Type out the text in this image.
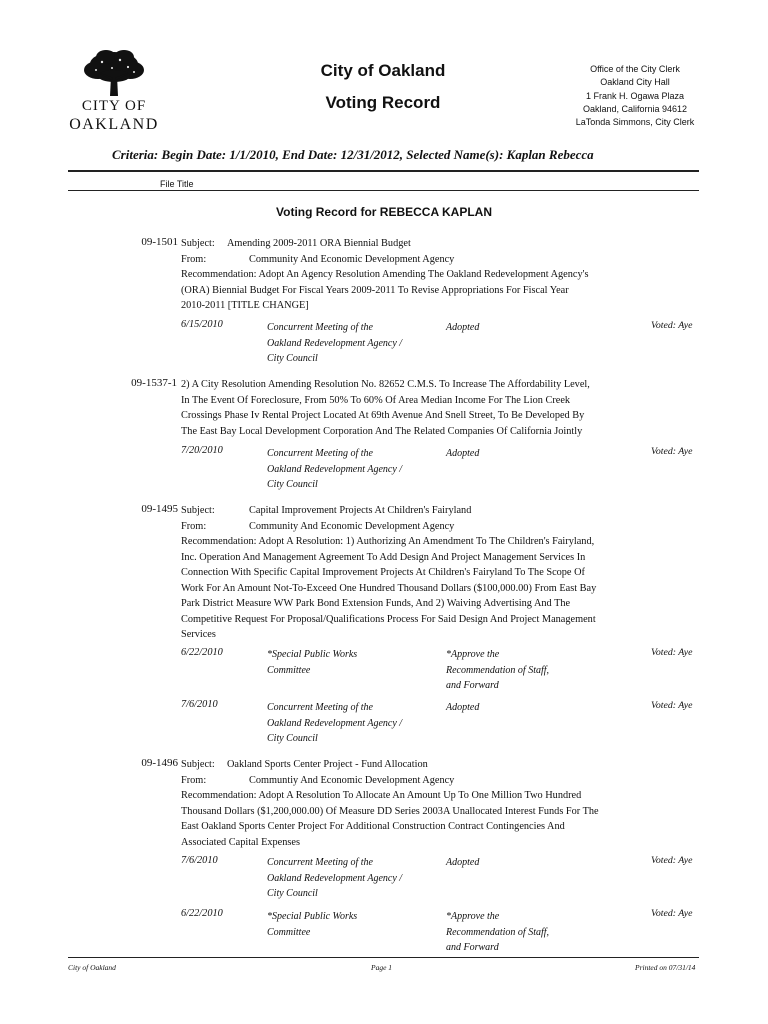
CITY OF
OAKLAND
City of Oakland
Voting Record
Office of the City Clerk
Oakland City Hall
1 Frank H. Ogawa Plaza
Oakland, California 94612
LaTonda Simmons, City Clerk
Criteria: Begin Date: 1/1/2010, End Date: 12/31/2012, Selected Name(s): Kaplan Rebecca
File Title
Voting Record for REBECCA KAPLAN
09-1501 Subject: Amending 2009-2011 ORA Biennial Budget
From:	Community And Economic Development Agency
Recommendation: Adopt An Agency Resolution Amending The Oakland Redevelopment Agency's
(ORA) Biennial Budget For Fiscal Years 2009-2011 To Revise Appropriations For Fiscal Year
2010-2011 [TITLE CHANGE]
6/15/2010	Concurrent Meeting of the
Oakland Redevelopment Agency /
City Council
Adopted	Voted: Aye
09-1537-1 2) A City Resolution Amending Resolution No. 82652 C.M.S. To Increase The Affordability Level,
In The Event Of Foreclosure, From 50% To 60% Of Area Median Income For The Lion Creek
Crossings Phase Iv Rental Project Located At 69th Avenue And Snell Street, To Be Developed By
The East Bay Local Development Corporation And The Related Companies Of California Jointly
7/20/2010	Concurrent Meeting of the
Oakland Redevelopment Agency /
City Council
Adopted	Voted: Aye
09-1495 Subject:	Capital Improvement Projects At Children's Fairyland
From:	Community And Economic Development Agency
Recommendation: Adopt A Resolution: 1) Authorizing An Amendment To The Children's Fairyland,
Inc. Operation And Management Agreement To Add Design And Project Management Services In
Connection With Specific Capital Improvement Projects At Children's Fairyland To The Scope Of
Work For An Amount Not-To-Exceed One Hundred Thousand Dollars ($100,000.00) From East Bay
Park District Measure WW Park Bond Extension Funds, And 2) Waiving Advertising And The
Competitive Request For Proposal/Qualifications Process For Said Design And Project Management
Services
6/22/2010	*Special Public Works
Committee
*Approve the
Recommendation of Staff,
and Forward
Voted: Aye
7/6/2010	Concurrent Meeting of the
Oakland Redevelopment Agency /
City Council
Adopted	Voted: Aye
09-1496 Subject: Oakland Sports Center Project - Fund Allocation
From:	Communtiy And Economic Development Agency
Recommendation: Adopt A Resolution To Allocate An Amount Up To One Million Two Hundred
Thousand Dollars ($1,200,000.00) Of Measure DD Series 2003A Unallocated Interest Funds For The
East Oakland Sports Center Project For Additional Construction Contract Contingencies And
Associated Capital Expenses
7/6/2010	Concurrent Meeting of the
Oakland Redevelopment Agency /
City Council
Adopted	Voted: Aye
6/22/2010	*Special Public Works
Committee
*Approve the
Recommendation of Staff,
and Forward
Voted: Aye
City of Oakland	Page 1	Printed on 07/31/14
